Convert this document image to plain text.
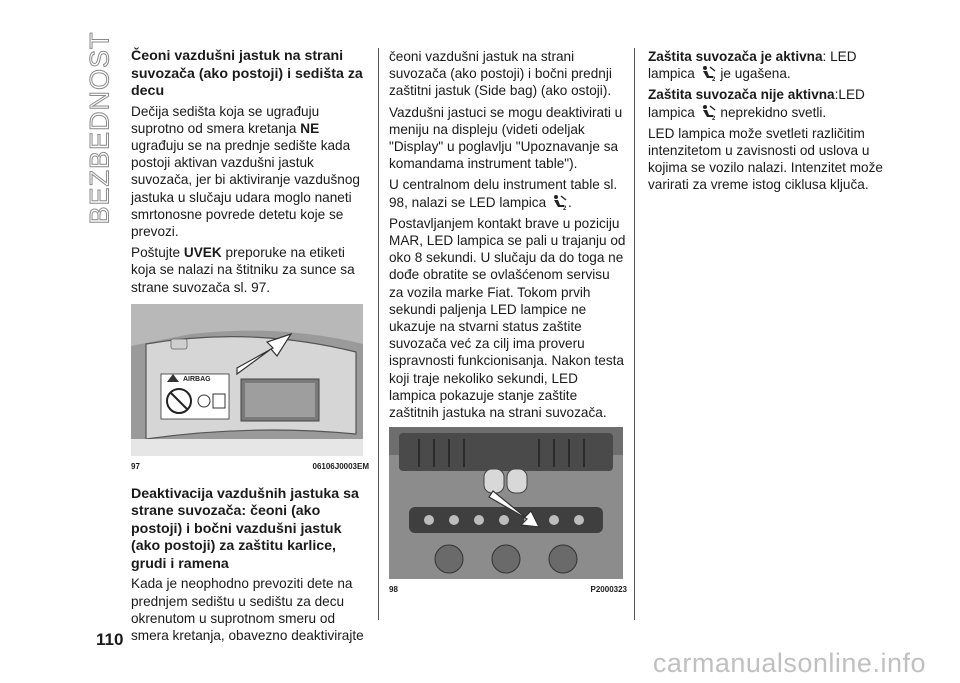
BEZBEDNOST Čeoni vazdušni jastuk na strani suvozača (ako postoji) i sedišta za decu

Dečija sedišta koja se ugrađuju suprotno od smera kretanja NE ugrađuju se na prednje sedište kada postoji aktivan vazdušni jastuk suvozača, jer bi aktiviranje vazdušnog jastuka u slučaju udara moglo naneti smrtonosne povrede detetu koje se prevozi.

Poštujte UVEK preporuke na etiketi koja se nalazi na štitniku za sunce sa strane suvozača sl. 97.

AIRBAG
97	06106J0003EM
Deaktivacija vazdušnih jastuka sa strane suvozača: čeoni (ako postoji) i bočni vazdušni jastuk (ako postoji) za zaštitu karlice, grudi i ramena

Kada je neophodno prevoziti dete na prednjem sedištu u sedištu za decu okrenutom u suprotnom smeru od smera kretanja, obavezno deaktivirajte

čeoni vazdušni jastuk na strani suvozača (ako postoji) i bočni prednji zaštitni jastuk (Side bag) (ako ostoji).

Vazdušni jastuci se mogu deaktivirati u meniju na displeju (videti odeljak "Display" u poglavlju "Upoznavanje sa komandama instrument table").

U centralnom delu instrument table sl. 98, nalazi se LED lampica 2 .

Postavljanjem kontakt brave u poziciju MAR, LED lampica se pali u trajanju od oko 8 sekundi. U slučaju da do toga ne dođe obratite se ovlašćenom servisu za vozila marke Fiat. Tokom prvih sekundi paljenja LED lampice ne ukazuje na stvarni status zaštite suvozača već za cilj ima proveru ispravnosti funkcionisanja. Nakon testa koji traje nekoliko sekundi, LED lampica pokazuje stanje zaštite zaštitnih jastuka na strani suvozača.

98	P2000323

Zaštita suvozača je aktivna: LED lampica 2 je ugašena.

Zaštita suvozača nije aktivna:LED lampica 2 neprekidno svetli.

LED lampica može svetleti različitim intenzitetom u zavisnosti od uslova u kojima se vozilo nalazi. Intenzitet može varirati za vreme istog ciklusa ključa.

110
carmanualsonline.info
